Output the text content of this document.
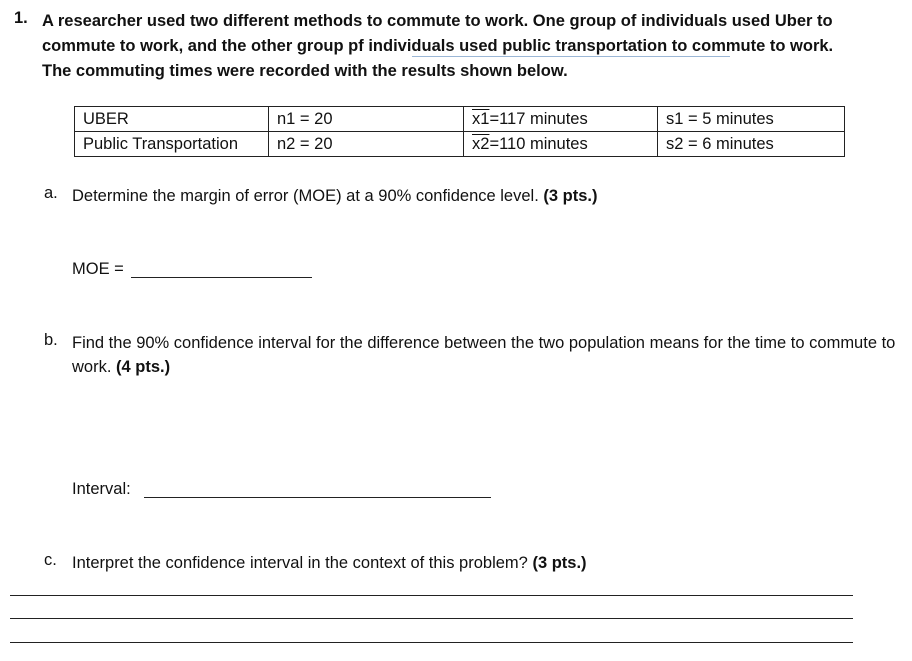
1. A researcher used two different methods to commute to work. One group of individuals used Uber to
commute to work, and the other group pf individuals used public transportation to commute to work.
The commuting times were recorded with the results shown below.
UBER	n1 = 20	x1=117 minutes	s1 = 5 minutes
Public Transportation	n2 = 20	x2=110 minutes	s2 = 6 minutes
a. Determine the margin of error (MOE) at a 90% confidence level. (3 pts.)
MOE =
b. Find the 90% confidence interval for the difference between the two population means for the time to commute to work. (4 pts.)
Interval:
c. Interpret the confidence interval in the context of this problem? (3 pts.)
